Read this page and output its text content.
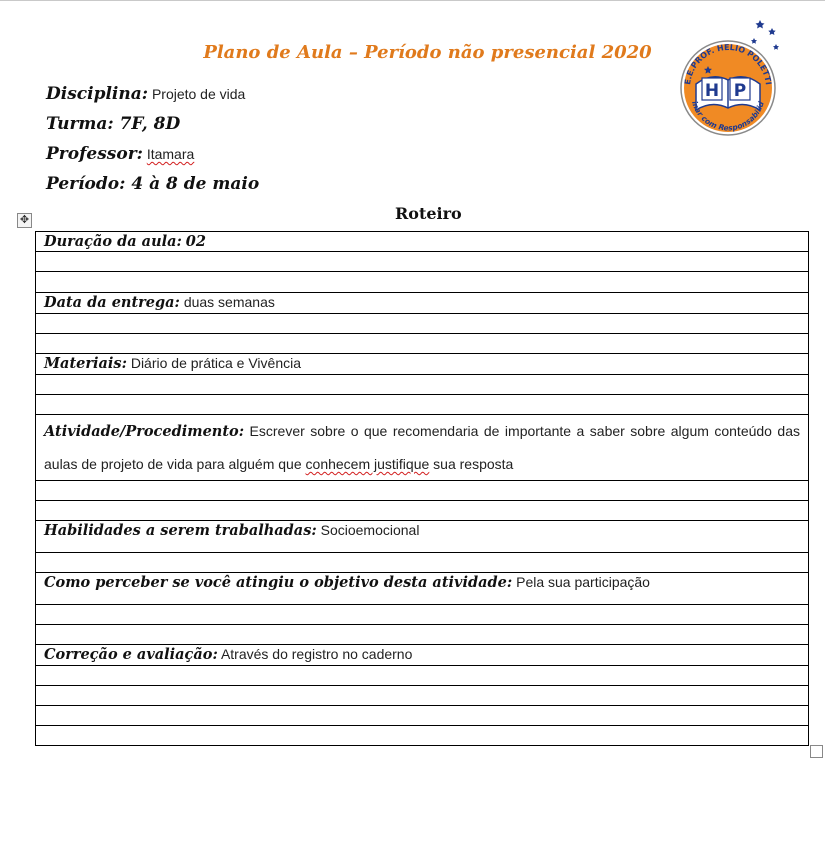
Plano de Aula – Período não presencial 2020
H P
E.E.PROF. HELIO POLETTI
inar com Responsabilid
Disciplina: Projeto de vida
Turma: 7F, 8D
Professor: Itamara
Período: 4 à 8 de maio
✥	Roteiro
Duração da aula: 02

Data da entrega: duas semanas

Materiais: Diário de prática e Vivência

Atividade/Procedimento: Escrever sobre o que recomendaria de importante a saber sobre algum conteúdo das aulas de projeto de vida para alguém que conhecem justifique sua resposta

Habilidades a serem trabalhadas: Socioemocional

Como perceber se você atingiu o objetivo desta atividade: Pela sua participação

Correção e avaliação: Através do registro no caderno
